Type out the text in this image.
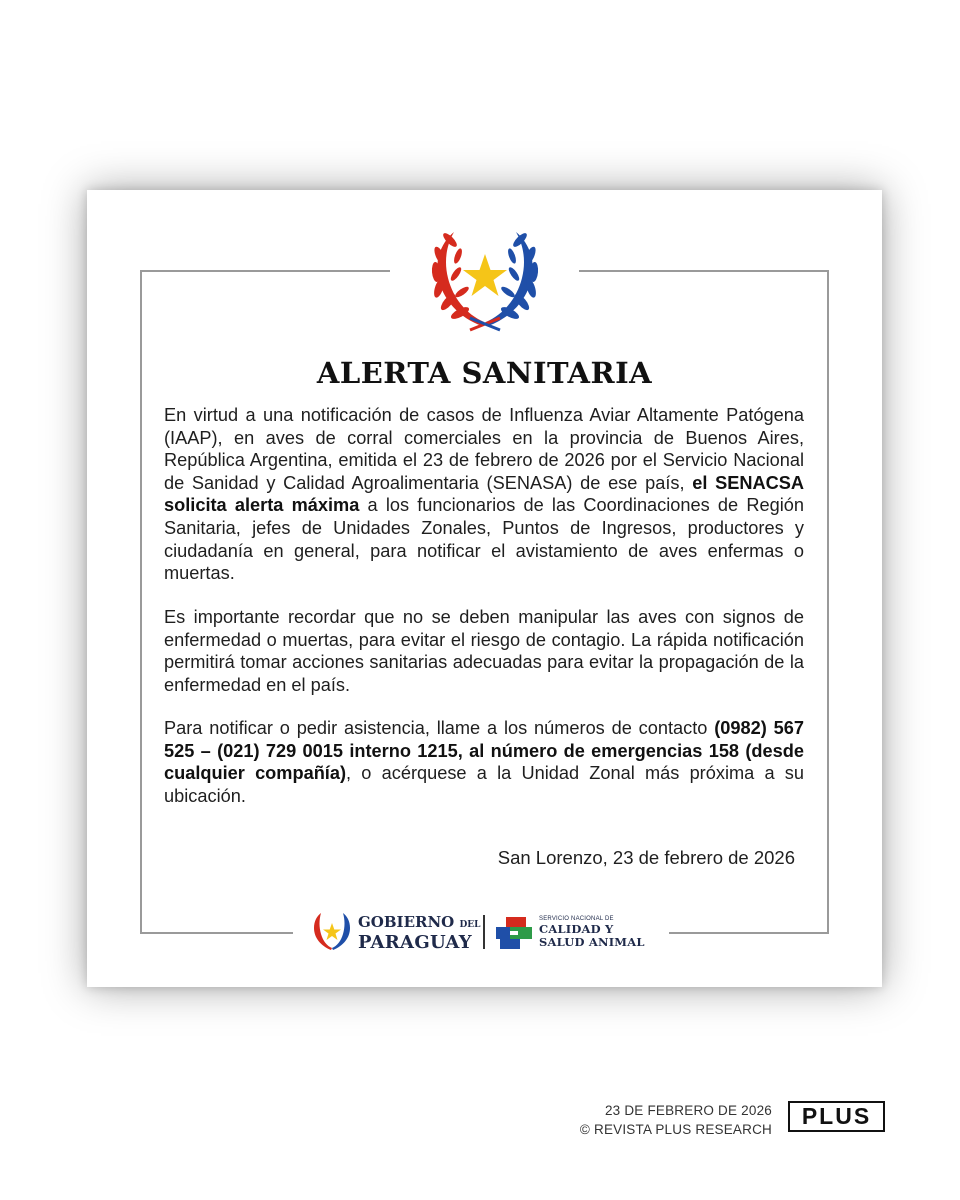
ALERTA SANITARIA

En virtud a una notificación de casos de Influenza Aviar Altamente Patógena (IAAP), en aves de corral comerciales en la provincia de Buenos Aires, República Argentina, emitida el 23 de febrero de 2026 por el Servicio Nacional de Sanidad y Calidad Agroalimentaria (SENASA) de ese país, el SENACSA solicita alerta máxima a los funcionarios de las Coordinaciones de Región Sanitaria, jefes de Unidades Zonales, Puntos de Ingresos, productores y ciudadanía en general, para notificar el avistamiento de aves enfermas o muertas.

Es importante recordar que no se deben manipular las aves con signos de enfermedad o muertas, para evitar el riesgo de contagio. La rápida notificación permitirá tomar acciones sanitarias adecuadas para evitar la propagación de la enfermedad en el país.

Para notificar o pedir asistencia, llame a los números de contacto (0982) 567 525 – (021) 729 0015 interno 1215, al número de emergencias 158 (desde cualquier compañía), o acérquese a la Unidad Zonal más próxima a su ubicación.

San Lorenzo, 23 de febrero de 2026
GOBIERNO DEL
PARAGUAY
SERVICIO NACIONAL DE
CALIDAD Y
SALUD ANIMAL
23 DE FEBRERO DE 2026
© REVISTA PLUS RESEARCH
PLUS
